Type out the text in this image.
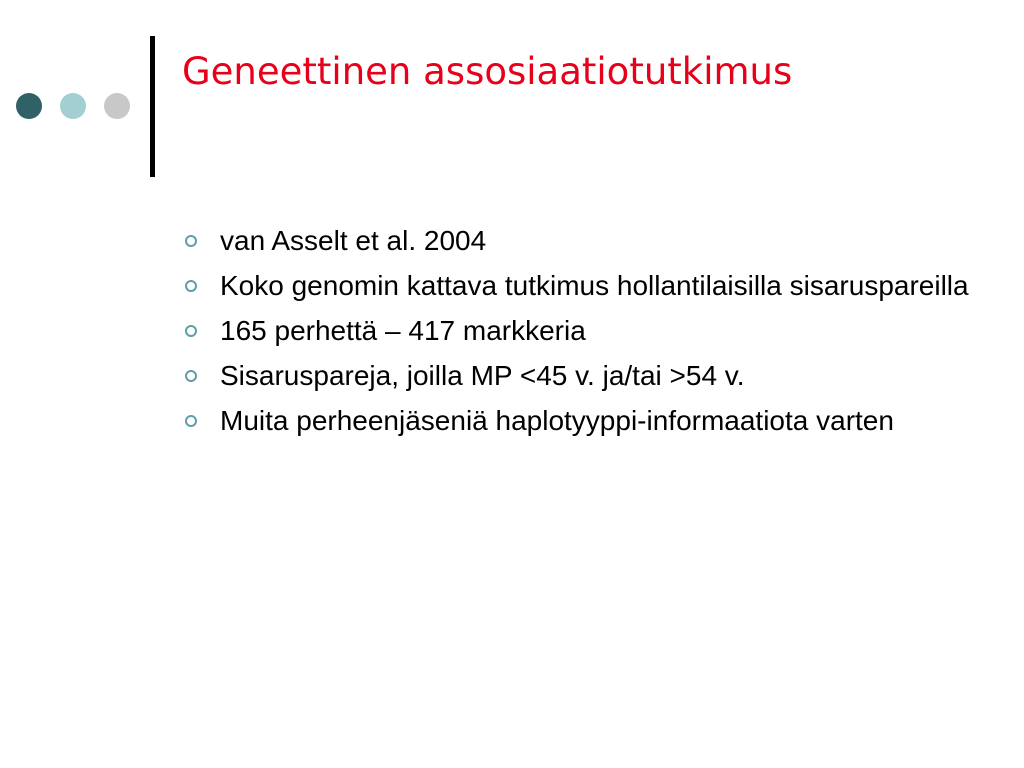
Geneettinen assosiaatiotutkimus
van Asselt et al. 2004
Koko genomin kattava tutkimus hollantilaisilla sisaruspareilla
165 perhettä – 417 markkeria
Sisaruspareja, joilla MP <45 v. ja/tai >54 v.
Muita perheenjäseniä haplotyyppi-informaatiota varten
